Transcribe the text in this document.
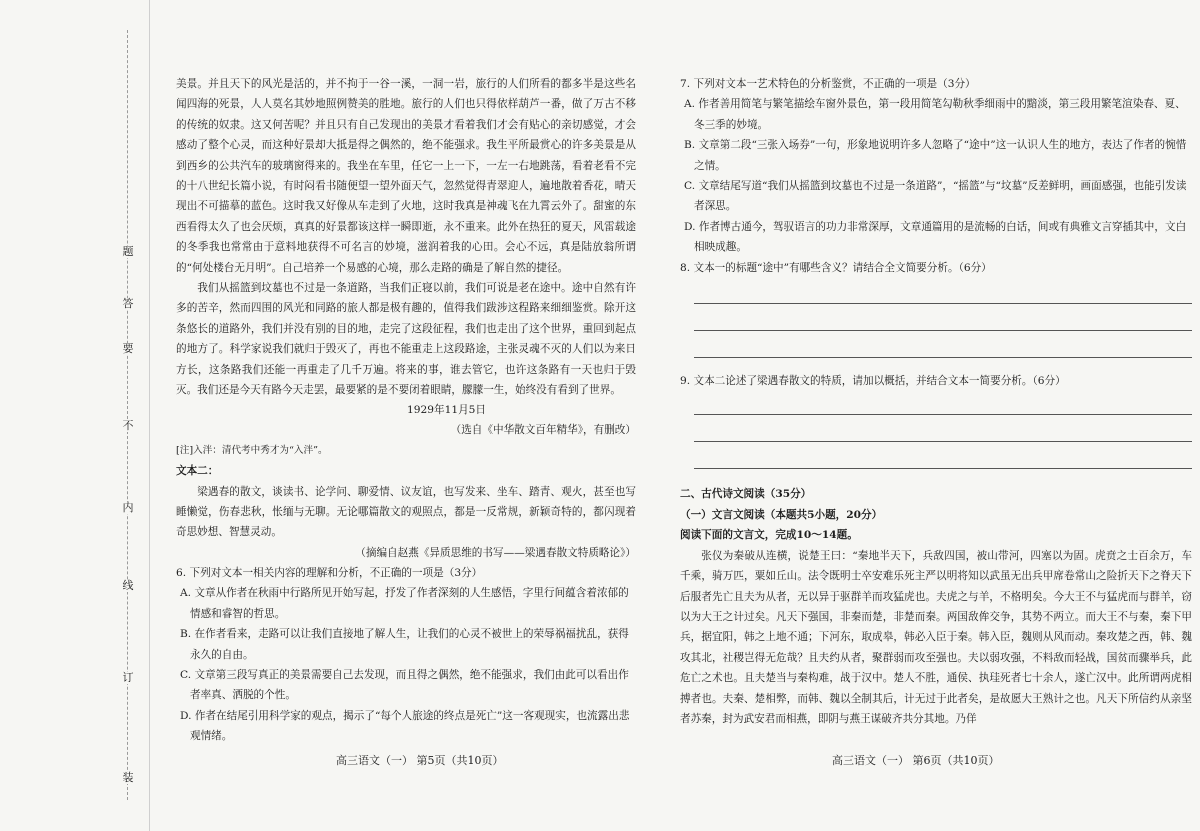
装
订
线
内
不
要
答
题

美景。并且天下的风光是活的，并不拘于一谷一溪，一洞一岩，旅行的人们所看的都多半是这些名闻四海的死景，人人莫名其妙地照例赞美的胜地。旅行的人们也只得依样葫芦一番，做了万古不移的传统的奴隶。这又何苦呢？并且只有自己发现出的美景才看着我们才会有贴心的亲切感觉，才会感动了整个心灵，而这种好景却大抵是得之偶然的，绝不能强求。我生平所最赏心的许多美景是从到西乡的公共汽车的玻璃窗得来的。我坐在车里，任它一上一下，一左一右地跳荡，看着老看不完的十八世纪长篇小说，有时闷看书随便望一望外面天气，忽然觉得青翠迎人，遍地散着香花，晴天现出不可描摹的蓝色。这时我又好像从车走到了火地，这时我真是神魂飞在九霄云外了。甜蜜的东西看得太久了也会厌烦，真真的好景都该这样一瞬即逝，永不重来。此外在热狂的夏天，风雷载途的冬季我也常常由于意料地获得不可名言的妙境，滋润着我的心田。会心不远，真是陆放翁所谓的“何处楼台无月明”。自己培养一个易感的心境，那么走路的确是了解自然的捷径。

我们从摇篮到坟墓也不过是一条道路，当我们正寝以前，我们可说是老在途中。途中自然有许多的苦辛，然而四围的风光和同路的旅人都是极有趣的，值得我们跋涉这程路来细细鉴赏。除开这条悠长的道路外，我们并没有别的目的地，走完了这段征程，我们也走出了这个世界，重回到起点的地方了。科学家说我们就归于毁灭了，再也不能重走上这段路途，主张灵魂不灭的人们以为来日方长，这条路我们还能一再重走了几千万遍。将来的事，谁去管它，也许这条路有一天也归于毁灭。我们还是今天有路今天走罢，最要紧的是不要闭着眼睛，朦朦一生，始终没有看到了世界。

1929年11月5日

（选自《中华散文百年精华》，有删改）

[注]入泮：清代考中秀才为“入泮”。

文本二：

梁遇春的散文，谈读书、论学问、聊爱情、议友谊，也写发来、坐车、踏青、观火，甚至也写睡懒觉，伤春悲秋，怅缅与无聊。无论哪篇散文的观照点，都是一反常规，新颖奇特的，都闪现着奇思妙想、智慧灵动。

（摘编自赵燕《异质思维的书写——梁遇春散文特质略论》）

6. 下列对文本一相关内容的理解和分析，不正确的一项是（3分）

A. 文章从作者在秋雨中行路所见开始写起，抒发了作者深刻的人生感悟，字里行间蕴含着浓郁的情感和睿智的哲思。

B. 在作者看来，走路可以让我们直接地了解人生，让我们的心灵不被世上的荣辱祸福扰乱，获得永久的自由。

C. 文章第三段写真正的美景需要自己去发现，而且得之偶然，绝不能强求，我们由此可以看出作者率真、洒脱的个性。

D. 作者在结尾引用科学家的观点，揭示了“每个人旅途的终点是死亡”这一客观现实，也流露出悲观情绪。

7. 下列对文本一艺术特色的分析鉴赏，不正确的一项是（3分）

A. 作者善用简笔与繁笔描绘车窗外景色，第一段用简笔勾勒秋季细雨中的黯淡，第三段用繁笔渲染春、夏、冬三季的妙境。

B. 文章第二段“三张入场券”一句，形象地说明许多人忽略了“途中”这一认识人生的地方，表达了作者的惋惜之情。

C. 文章结尾写道“我们从摇篮到坟墓也不过是一条道路”，“摇篮”与“坟墓”反差鲜明，画面感强，也能引发读者深思。

D. 作者博古通今，驾驭语言的功力非常深厚，文章通篇用的是流畅的白话，间或有典雅文言穿插其中，文白相映成趣。

8. 文本一的标题“途中”有哪些含义？请结合全文简要分析。（6分）

9. 文本二论述了梁遇春散文的特质，请加以概括，并结合文本一简要分析。（6分）

二、古代诗文阅读（35分）

（一）文言文阅读（本题共5小题，20分）

阅读下面的文言文，完成10～14题。

张仪为秦破从连横，说楚王曰：“秦地半天下，兵敌四国，被山带河，四塞以为固。虎贲之士百余万，车千乘，骑万匹，粟如丘山。法令既明士卒安难乐死主严以明将知以武虽无出兵甲席卷常山之险折天下之脊天下后服者先亡且夫为从者，无以异于驱群羊而攻猛虎也。夫虎之与羊，不格明矣。今大王不与猛虎而与群羊，窃以为大王之计过矣。凡天下强国，非秦而楚，非楚而秦。两国敌侔交争，其势不两立。而大王不与秦，秦下甲兵，据宜阳，韩之上地不通；下河东，取成皋，韩必入臣于秦。韩入臣，魏则从风而动。秦攻楚之西，韩、魏攻其北，社稷岂得无危哉？且夫约从者，聚群弱而攻至强也。夫以弱攻强，不料敌而轻战，国贫而骤举兵，此危亡之术也。且夫楚当与秦构难，战于汉中。楚人不胜，通侯、执珪死者七十余人，遂亡汉中。此所谓两虎相搏者也。夫秦、楚相弊，而韩、魏以全制其后，计无过于此者矣，是故愿大王熟计之也。凡天下所信约从亲坚者苏秦，封为武安君而相燕，即阴与燕王谋破齐共分其地。乃佯

高三语文（一） 第5页（共10页）	高三语文（一） 第6页（共10页）
